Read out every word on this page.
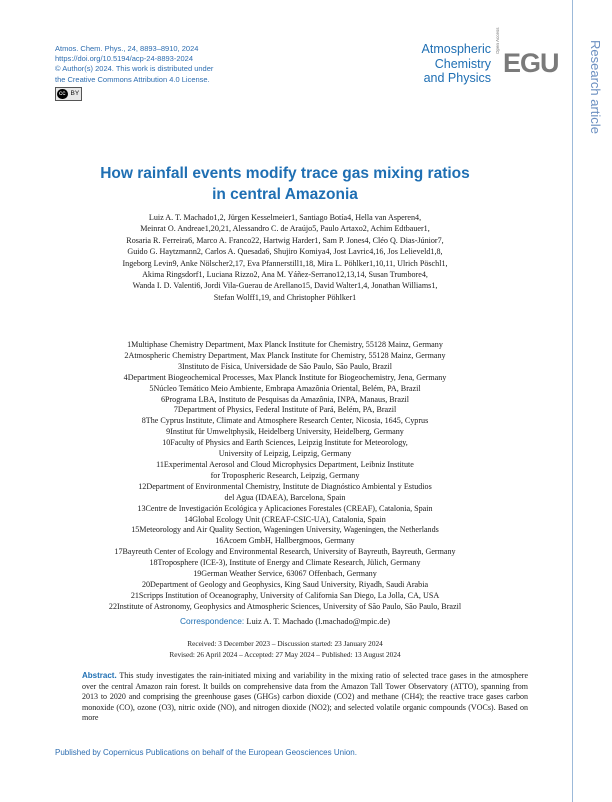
Atmos. Chem. Phys., 24, 8893–8910, 2024
https://doi.org/10.5194/acp-24-8893-2024
© Author(s) 2024. This work is distributed under
the Creative Commons Attribution 4.0 License.
cc BY
Atmospheric
Chemistry
and Physics
Open Access
EGU Research article
How rainfall events modify trace gas mixing ratios
in central Amazonia
Luiz A. T. Machado1,2, Jürgen Kesselmeier1, Santiago Botía4, Hella van Asperen4,
Meinrat O. Andreae1,20,21, Alessandro C. de Araújo5, Paulo Artaxo2, Achim Edtbauer1,
Rosaria R. Ferreira6, Marco A. Franco22, Hartwig Harder1, Sam P. Jones4, Cléo Q. Dias-Júnior7,
Guido G. Haytzmann2, Carlos A. Quesada6, Shujiro Komiya4, Jost Lavric4,16, Jos Lelieveld1,8,
Ingeborg Levin9, Anke Nölscher2,17, Eva Pfannerstill1,18, Mira L. Pöhlker1,10,11, Ulrich Pöschl1,
Akima Ringsdorf1, Luciana Rizzo2, Ana M. Yáñez-Serrano12,13,14, Susan Trumbore4,
Wanda I. D. Valenti6, Jordi Vila-Guerau de Arellano15, David Walter1,4, Jonathan Williams1,
Stefan Wolff1,19, and Christopher Pöhlker1
1Multiphase Chemistry Department, Max Planck Institute for Chemistry, 55128 Mainz, Germany
2Atmospheric Chemistry Department, Max Planck Institute for Chemistry, 55128 Mainz, Germany
3Instituto de Física, Universidade de São Paulo, São Paulo, Brazil
4Department Biogeochemical Processes, Max Planck Institute for Biogeochemistry, Jena, Germany
5Núcleo Temático Meio Ambiente, Embrapa Amazônia Oriental, Belém, PA, Brazil
6Programa LBA, Instituto de Pesquisas da Amazônia, INPA, Manaus, Brazil
7Department of Physics, Federal Institute of Pará, Belém, PA, Brazil
8The Cyprus Institute, Climate and Atmosphere Research Center, Nicosia, 1645, Cyprus
9Institut für Umweltphysik, Heidelberg University, Heidelberg, Germany
10Faculty of Physics and Earth Sciences, Leipzig Institute for Meteorology,
University of Leipzig, Leipzig, Germany
11Experimental Aerosol and Cloud Microphysics Department, Leibniz Institute
for Tropospheric Research, Leipzig, Germany
12Department of Environmental Chemistry, Institute de Diagnóstico Ambiental y Estudios
del Agua (IDAEA), Barcelona, Spain
13Centre de Investigación Ecológica y Aplicaciones Forestales (CREAF), Catalonia, Spain
14Global Ecology Unit (CREAF-CSIC-UA), Catalonia, Spain
15Meteorology and Air Quality Section, Wageningen University, Wageningen, the Netherlands
16Acoem GmbH, Hallbergmoos, Germany
17Bayreuth Center of Ecology and Environmental Research, University of Bayreuth, Bayreuth, Germany
18Troposphere (ICE-3), Institute of Energy and Climate Research, Jülich, Germany
19German Weather Service, 63067 Offenbach, Germany
20Department of Geology and Geophysics, King Saud University, Riyadh, Saudi Arabia
21Scripps Institution of Oceanography, University of California San Diego, La Jolla, CA, USA
22Institute of Astronomy, Geophysics and Atmospheric Sciences, University of São Paulo, São Paulo, Brazil
Correspondence: Luiz A. T. Machado (l.machado@mpic.de)
Received: 3 December 2023 – Discussion started: 23 January 2024
Revised: 26 April 2024 – Accepted: 27 May 2024 – Published: 13 August 2024
Abstract. This study investigates the rain-initiated mixing and variability in the mixing ratio of selected trace gases in the atmosphere over the central Amazon rain forest. It builds on comprehensive data from the Amazon Tall Tower Observatory (ATTO), spanning from 2013 to 2020 and comprising the greenhouse gases (GHGs) carbon dioxide (CO2) and methane (CH4); the reactive trace gases carbon monoxide (CO), ozone (O3), nitric oxide (NO), and nitrogen dioxide (NO2); and selected volatile organic compounds (VOCs). Based on more
Published by Copernicus Publications on behalf of the European Geosciences Union.
